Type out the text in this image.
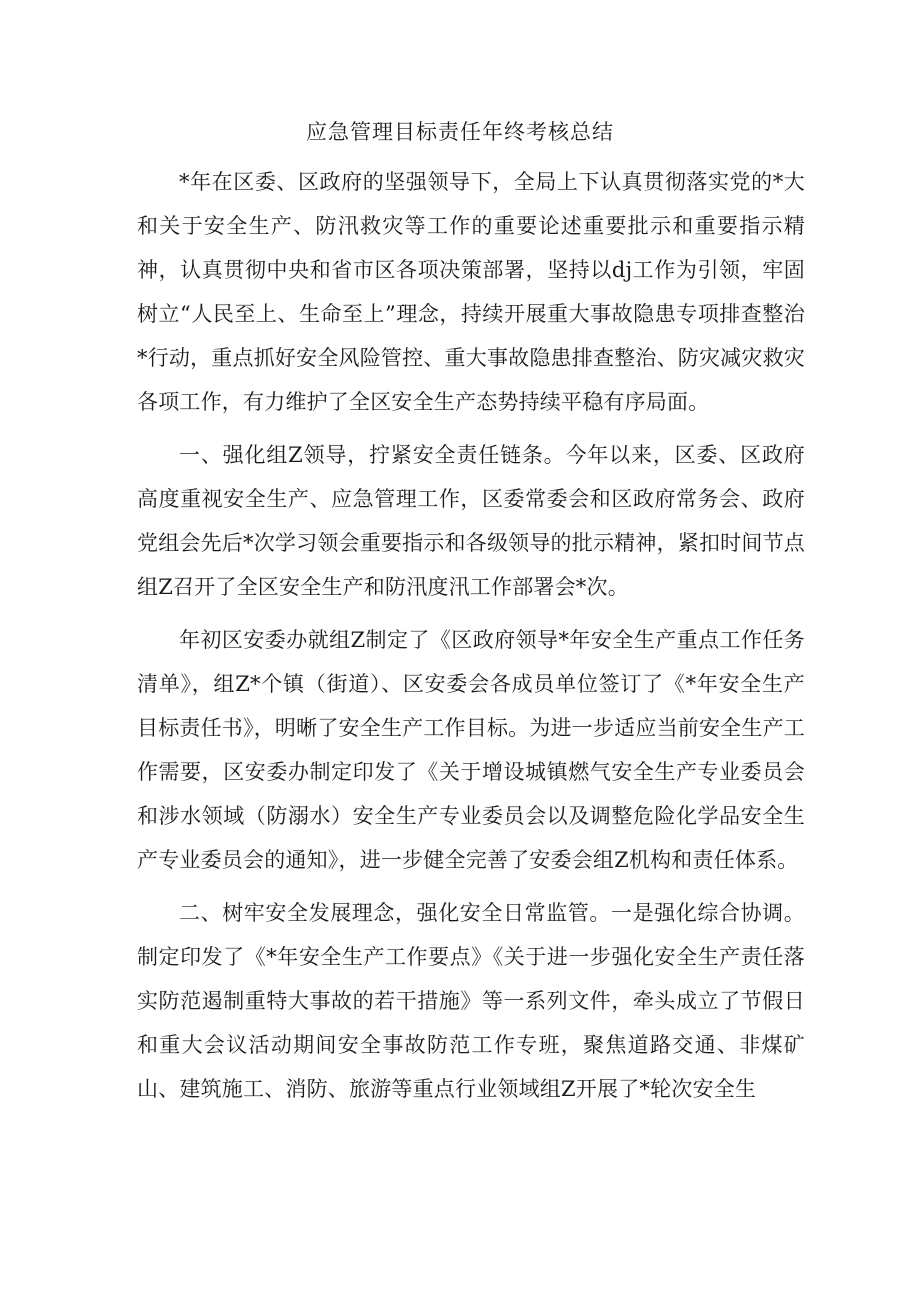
应急管理目标责任年终考核总结

*年在区委、区政府的坚强领导下，全局上下认真贯彻落实党的*大和关于安全生产、防汛救灾等工作的重要论述重要批示和重要指示精神，认真贯彻中央和省市区各项决策部署，坚持以dj工作为引领，牢固树立“人民至上、生命至上”理念，持续开展重大事故隐患专项排查整治*行动，重点抓好安全风险管控、重大事故隐患排查整治、防灾减灾救灾各项工作，有力维护了全区安全生产态势持续平稳有序局面。

一、强化组Z领导，拧紧安全责任链条。今年以来，区委、区政府高度重视安全生产、应急管理工作，区委常委会和区政府常务会、政府党组会先后*次学习领会重要指示和各级领导的批示精神，紧扣时间节点组Z召开了全区安全生产和防汛度汛工作部署会*次。

年初区安委办就组Z制定了《区政府领导*年安全生产重点工作任务清单》，组Z*个镇（街道）、区安委会各成员单位签订了《*年安全生产目标责任书》，明晰了安全生产工作目标。为进一步适应当前安全生产工作需要，区安委办制定印发了《关于增设城镇燃气安全生产专业委员会和涉水领域（防溺水）安全生产专业委员会以及调整危险化学品安全生产专业委员会的通知》，进一步健全完善了安委会组Z机构和责任体系。

二、树牢安全发展理念，强化安全日常监管。一是强化综合协调。制定印发了《*年安全生产工作要点》《关于进一步强化安全生产责任落实防范遏制重特大事故的若干措施》等一系列文件，牵头成立了节假日和重大会议活动期间安全事故防范工作专班，聚焦道路交通、非煤矿山、建筑施工、消防、旅游等重点行业领域组Z开展了*轮次安全生
